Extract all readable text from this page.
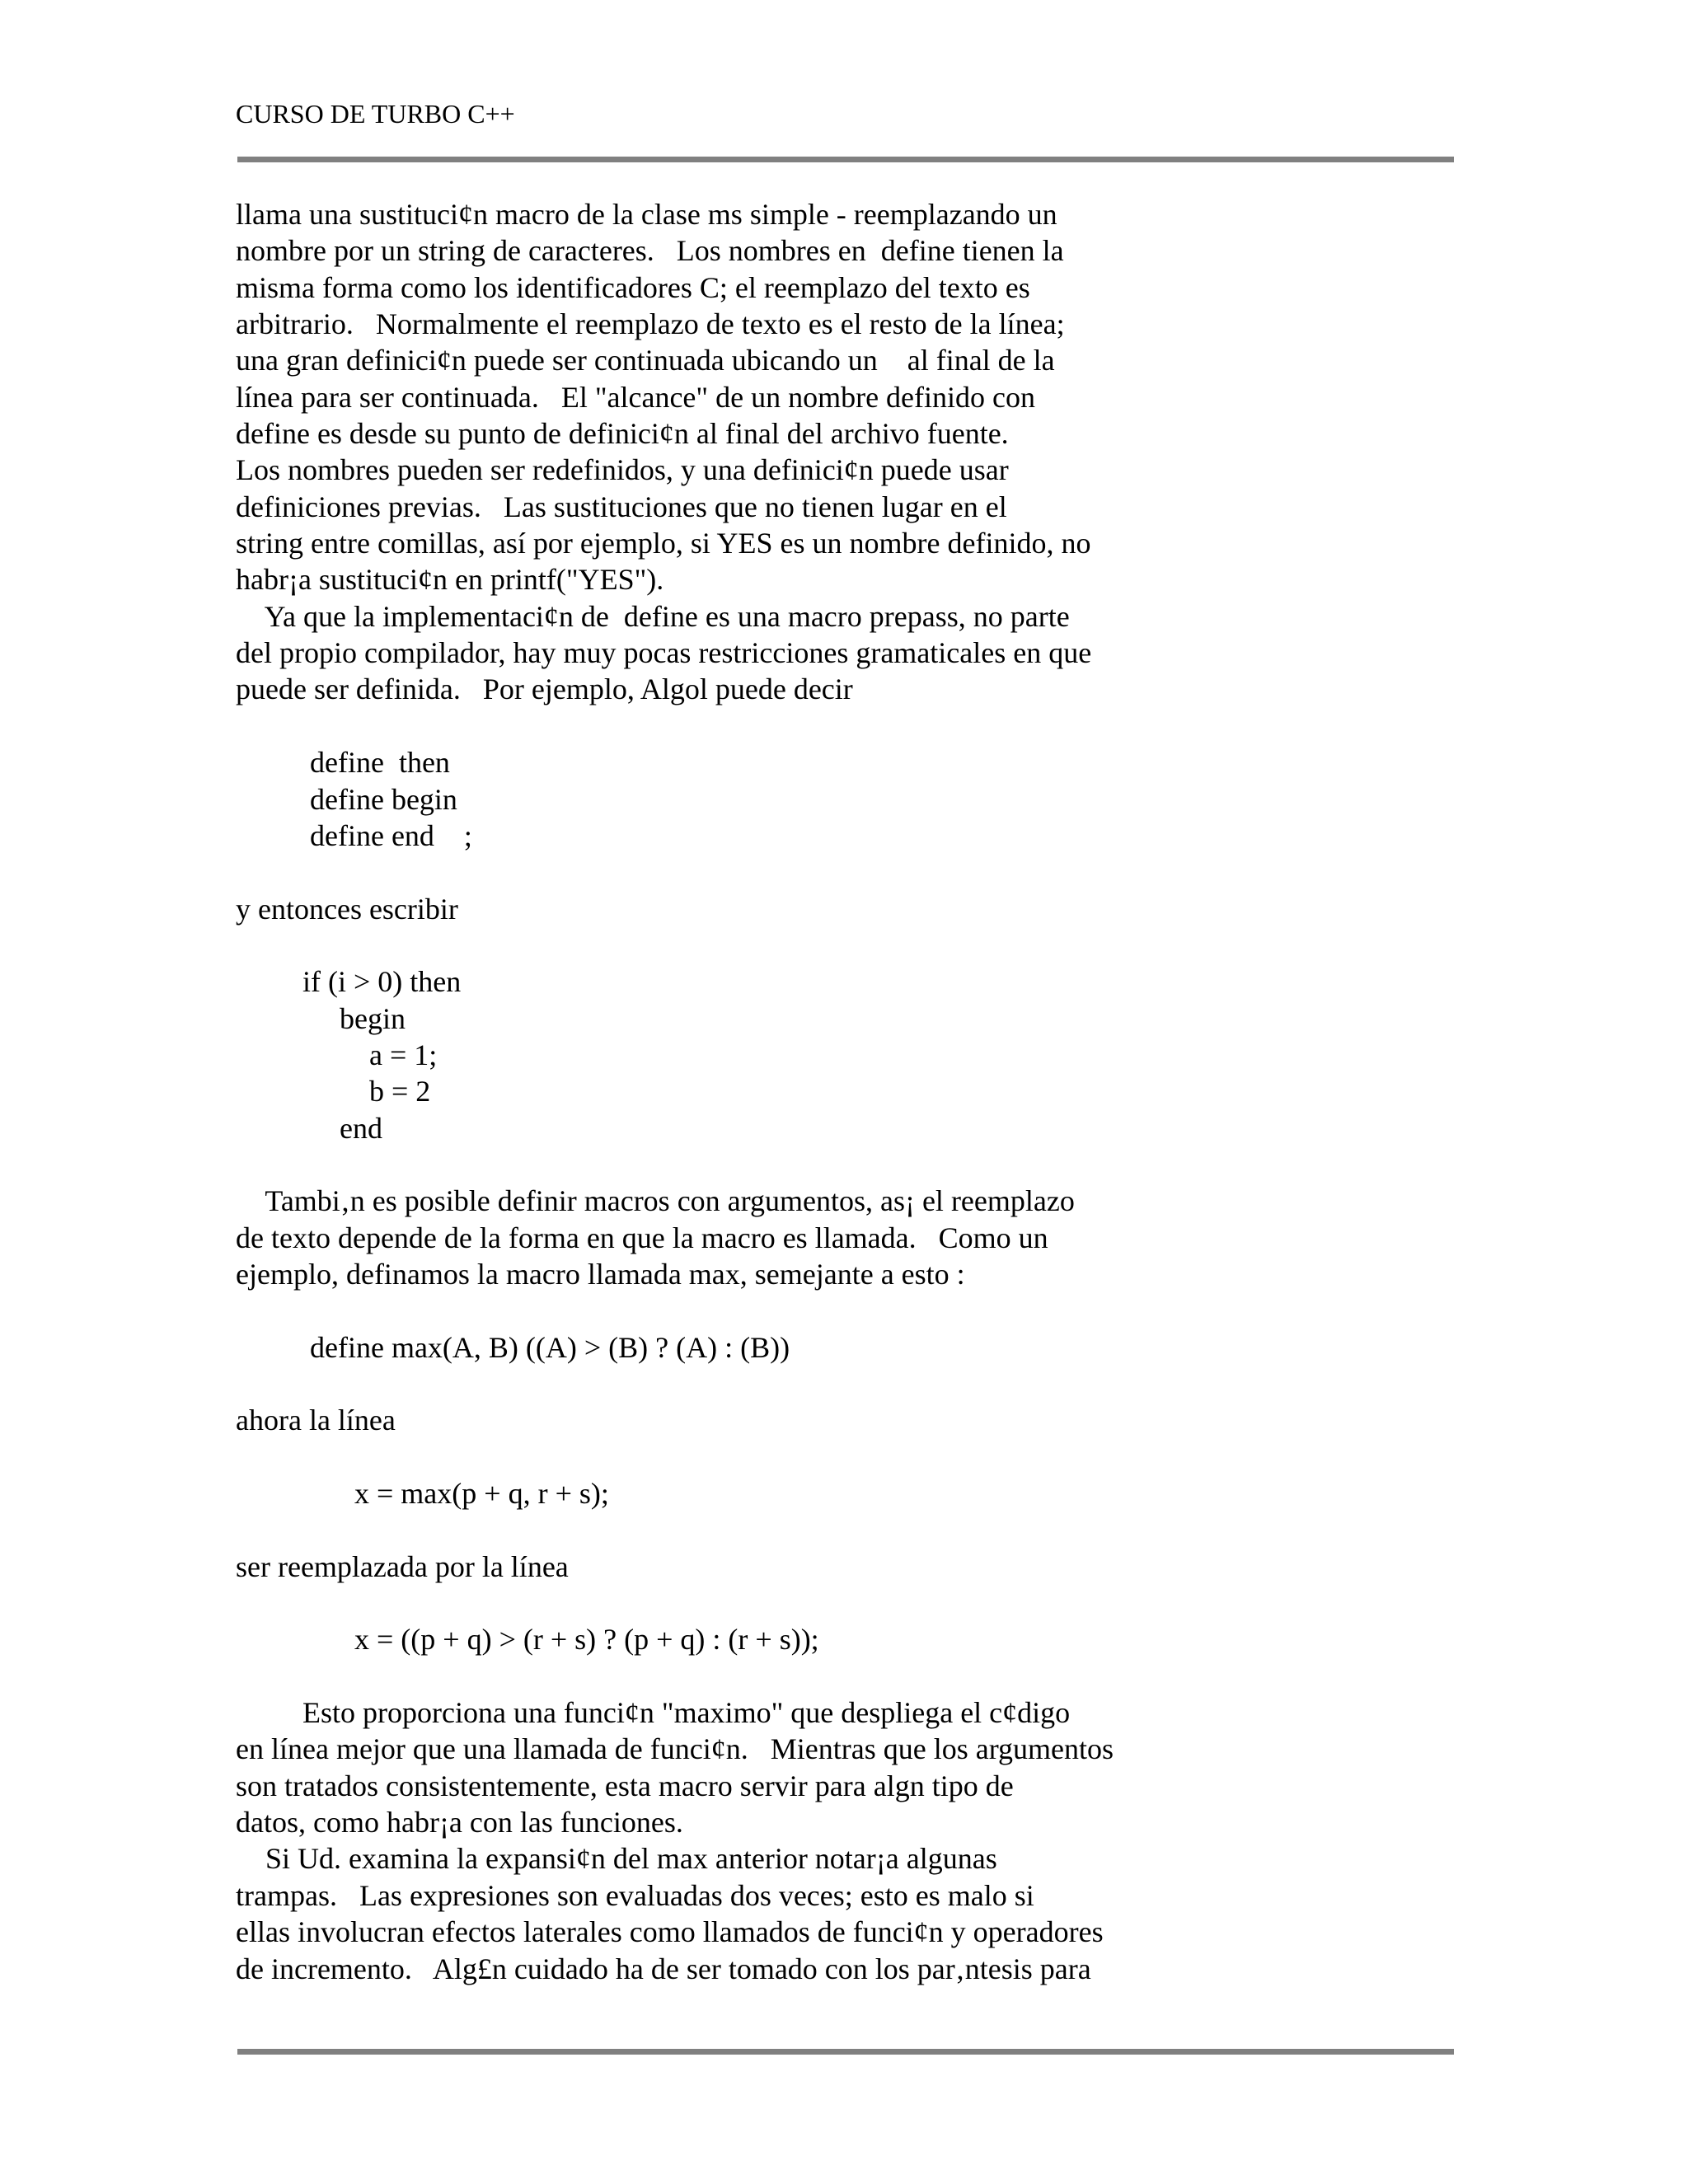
CURSO DE TURBO C++
llama una sustituci¢n macro de la clase ms simple - reemplazando un
nombre por un string de caracteres.   Los nombres en  define tienen la
misma forma como los identificadores C; el reemplazo del texto es
arbitrario.   Normalmente el reemplazo de texto es el resto de la línea;
una gran definici¢n puede ser continuada ubicando un    al final de la
línea para ser continuada.   El "alcance" de un nombre definido con
define es desde su punto de definici¢n al final del archivo fuente.
Los nombres pueden ser redefinidos, y una definici¢n puede usar
definiciones previas.   Las sustituciones que no tienen lugar en el
string entre comillas, así por ejemplo, si YES es un nombre definido, no
habr¡a sustituci¢n en printf("YES").
Ya que la implementaci¢n de  define es una macro prepass, no parte
del propio compilador, hay muy pocas restricciones gramaticales en que
puede ser definida.   Por ejemplo, Algol puede decir
define  then
define begin
define end    ;
y entonces escribir
if (i > 0) then
begin
a = 1;
b = 2
end
Tambi‚n es posible definir macros con argumentos, as¡ el reemplazo
de texto depende de la forma en que la macro es llamada.   Como un
ejemplo, definamos la macro llamada max, semejante a esto :
define max(A, B) ((A) > (B) ? (A) : (B))
ahora la línea
x = max(p + q, r + s);
ser reemplazada por la línea
x = ((p + q) > (r + s) ? (p + q) : (r + s));
Esto proporciona una funci¢n "maximo" que despliega el c¢digo
en línea mejor que una llamada de funci¢n.   Mientras que los argumentos
son tratados consistentemente, esta macro servir para algn tipo de
datos, como habr¡a con las funciones.
Si Ud. examina la expansi¢n del max anterior notar¡a algunas
trampas.   Las expresiones son evaluadas dos veces; esto es malo si
ellas involucran efectos laterales como llamados de funci¢n y operadores
de incremento.   Alg£n cuidado ha de ser tomado con los par‚ntesis para
